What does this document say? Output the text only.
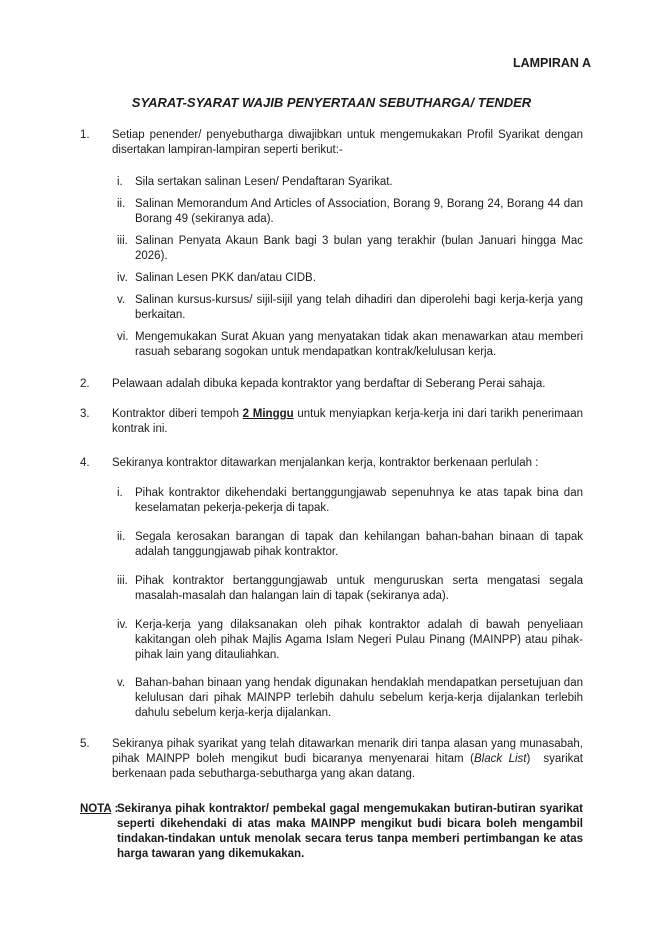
LAMPIRAN A
SYARAT-SYARAT WAJIB PENYERTAAN SEBUTHARGA/ TENDER
1.	Setiap penender/ penyebutharga diwajibkan untuk mengemukakan Profil Syarikat dengan disertakan lampiran-lampiran seperti berikut:-
i.	Sila sertakan salinan Lesen/ Pendaftaran Syarikat.
ii. Salinan Memorandum And Articles of Association, Borang 9, Borang 24, Borang 44 dan Borang 49 (sekiranya ada).
iii. Salinan Penyata Akaun Bank bagi 3 bulan yang terakhir (bulan Januari hingga Mac 2026).
iv. Salinan Lesen PKK dan/atau CIDB.
v. Salinan kursus-kursus/ sijil-sijil yang telah dihadiri dan diperolehi bagi kerja-kerja yang berkaitan.
vi. Mengemukakan Surat Akuan yang menyatakan tidak akan menawarkan atau memberi rasuah sebarang sogokan untuk mendapatkan kontrak/kelulusan kerja.
2.	Pelawaan adalah dibuka kepada kontraktor yang berdaftar di Seberang Perai sahaja.
3.	Kontraktor diberi tempoh 2 Minggu untuk menyiapkan kerja-kerja ini dari tarikh penerimaan kontrak ini.
4.	Sekiranya kontraktor ditawarkan menjalankan kerja, kontraktor berkenaan perlulah :
i.	Pihak kontraktor dikehendaki bertanggungjawab sepenuhnya ke atas tapak bina dan keselamatan pekerja-pekerja di tapak.
ii. Segala kerosakan barangan di tapak dan kehilangan bahan-bahan binaan di tapak adalah tanggungjawab pihak kontraktor.
iii. Pihak kontraktor bertanggungjawab untuk menguruskan serta mengatasi segala masalah-masalah dan halangan lain di tapak (sekiranya ada).
iv. Kerja-kerja yang dilaksanakan oleh pihak kontraktor adalah di bawah penyeliaan kakitangan oleh pihak Majlis Agama Islam Negeri Pulau Pinang (MAINPP) atau pihak-pihak lain yang ditauliahkan.
v. Bahan-bahan binaan yang hendak digunakan hendaklah mendapatkan persetujuan dan kelulusan dari pihak MAINPP terlebih dahulu sebelum kerja-kerja dijalankan terlebih dahulu sebelum kerja-kerja dijalankan.
5.	Sekiranya pihak syarikat yang telah ditawarkan menarik diri tanpa alasan yang munasabah, pihak MAINPP boleh mengikut budi bicaranya menyenarai hitam (Black List)  syarikat berkenaan pada sebutharga-sebutharga yang akan datang.
NOTA :
Sekiranya pihak kontraktor/ pembekal gagal mengemukakan butiran-butiran syarikat seperti dikehendaki di atas maka MAINPP mengikut budi bicara boleh mengambil tindakan-tindakan untuk menolak secara terus tanpa memberi pertimbangan ke atas harga tawaran yang dikemukakan.
